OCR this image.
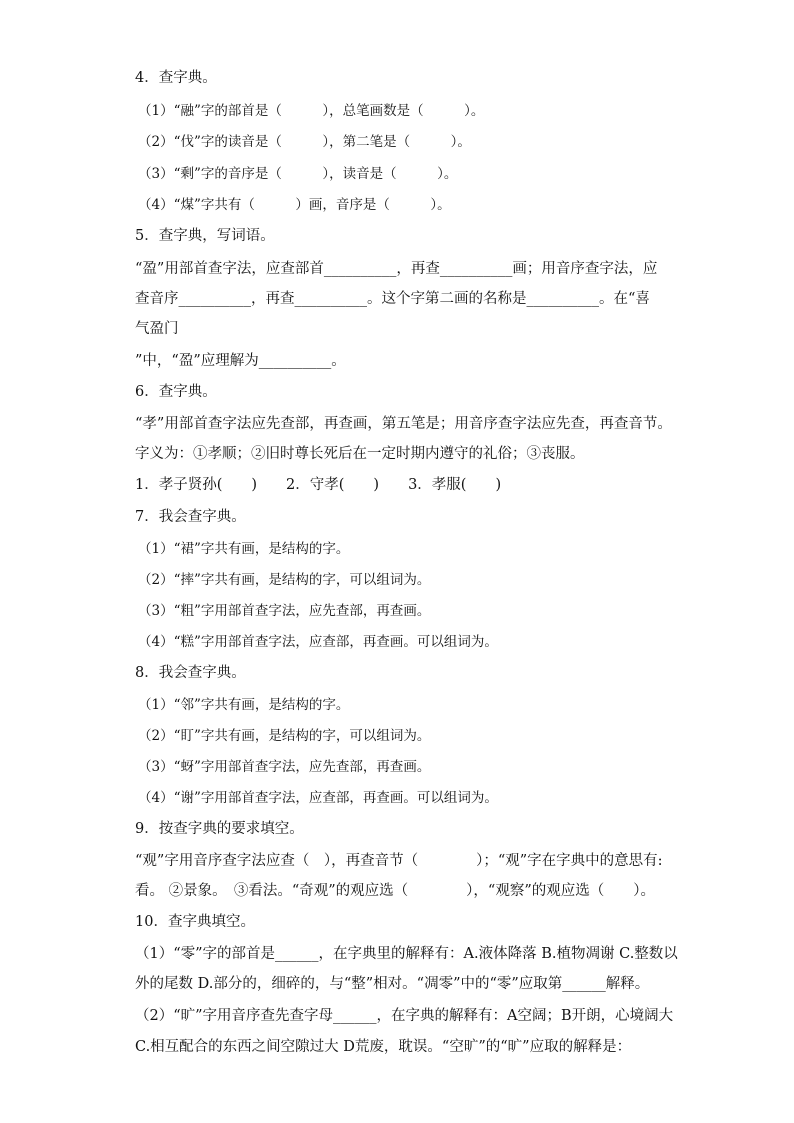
4．查字典。
（1）“融”字的部首是（　　　），总笔画数是（　　　）。
（2）“伐”字的读音是（　　　），第二笔是（　　　）。
（3）“剩”字的音序是（　　　），读音是（　　　）。
（4）“煤”字共有（　　　）画，音序是（　　　）。
5．查字典，写词语。
“盈”用部首查字法，应查部首__________，再查__________画；用音序查字法，应
查音序__________，再查__________。这个字第二画的名称是__________。在“喜
气盈门
”中，“盈”应理解为__________。
6．查字典。
“孝”用部首查字法应先查部，再查画，第五笔是；用音序查字法应先查，再查音节。
字义为：①孝顺；②旧时尊长死后在一定时期内遵守的礼俗；③丧服。
1．孝子贤孙(　　)　　2．守孝(　　)　　3．孝服(　　)
7．我会查字典。
（1）“裙”字共有画，是结构的字。
（2）“摔”字共有画，是结构的字，可以组词为。
（3）“粗”字用部首查字法，应先查部，再查画。
（4）“糕”字用部首查字法，应查部，再查画。可以组词为。
8．我会查字典。
（1）“邻”字共有画，是结构的字。
（2）“盯”字共有画，是结构的字，可以组词为。
（3）“蚜”字用部首查字法，应先查部，再查画。
（4）“谢”字用部首查字法，应查部，再查画。可以组词为。
9．按查字典的要求填空。
“观”字用音序查字法应查（　），再查音节（　　　　）；“观”字在字典中的意思有:
看。 ②景象。　③看法。“奇观”的观应选（　　　　），“观察”的观应选（　　）。
10．查字典填空。
（1）“零”字的部首是______，在字典里的解释有：A.液体降落 B.植物凋谢 C.整数以
外的尾数 D.部分的，细碎的，与“整”相对。“凋零”中的“零”应取第______解释。
（2）“旷”字用音序查先查字母______，在字典的解释有：A空阔；B开朗，心境阔大
C.相互配合的东西之间空隙过大 D荒废，耽误。“空旷”的“旷”应取的解释是：
